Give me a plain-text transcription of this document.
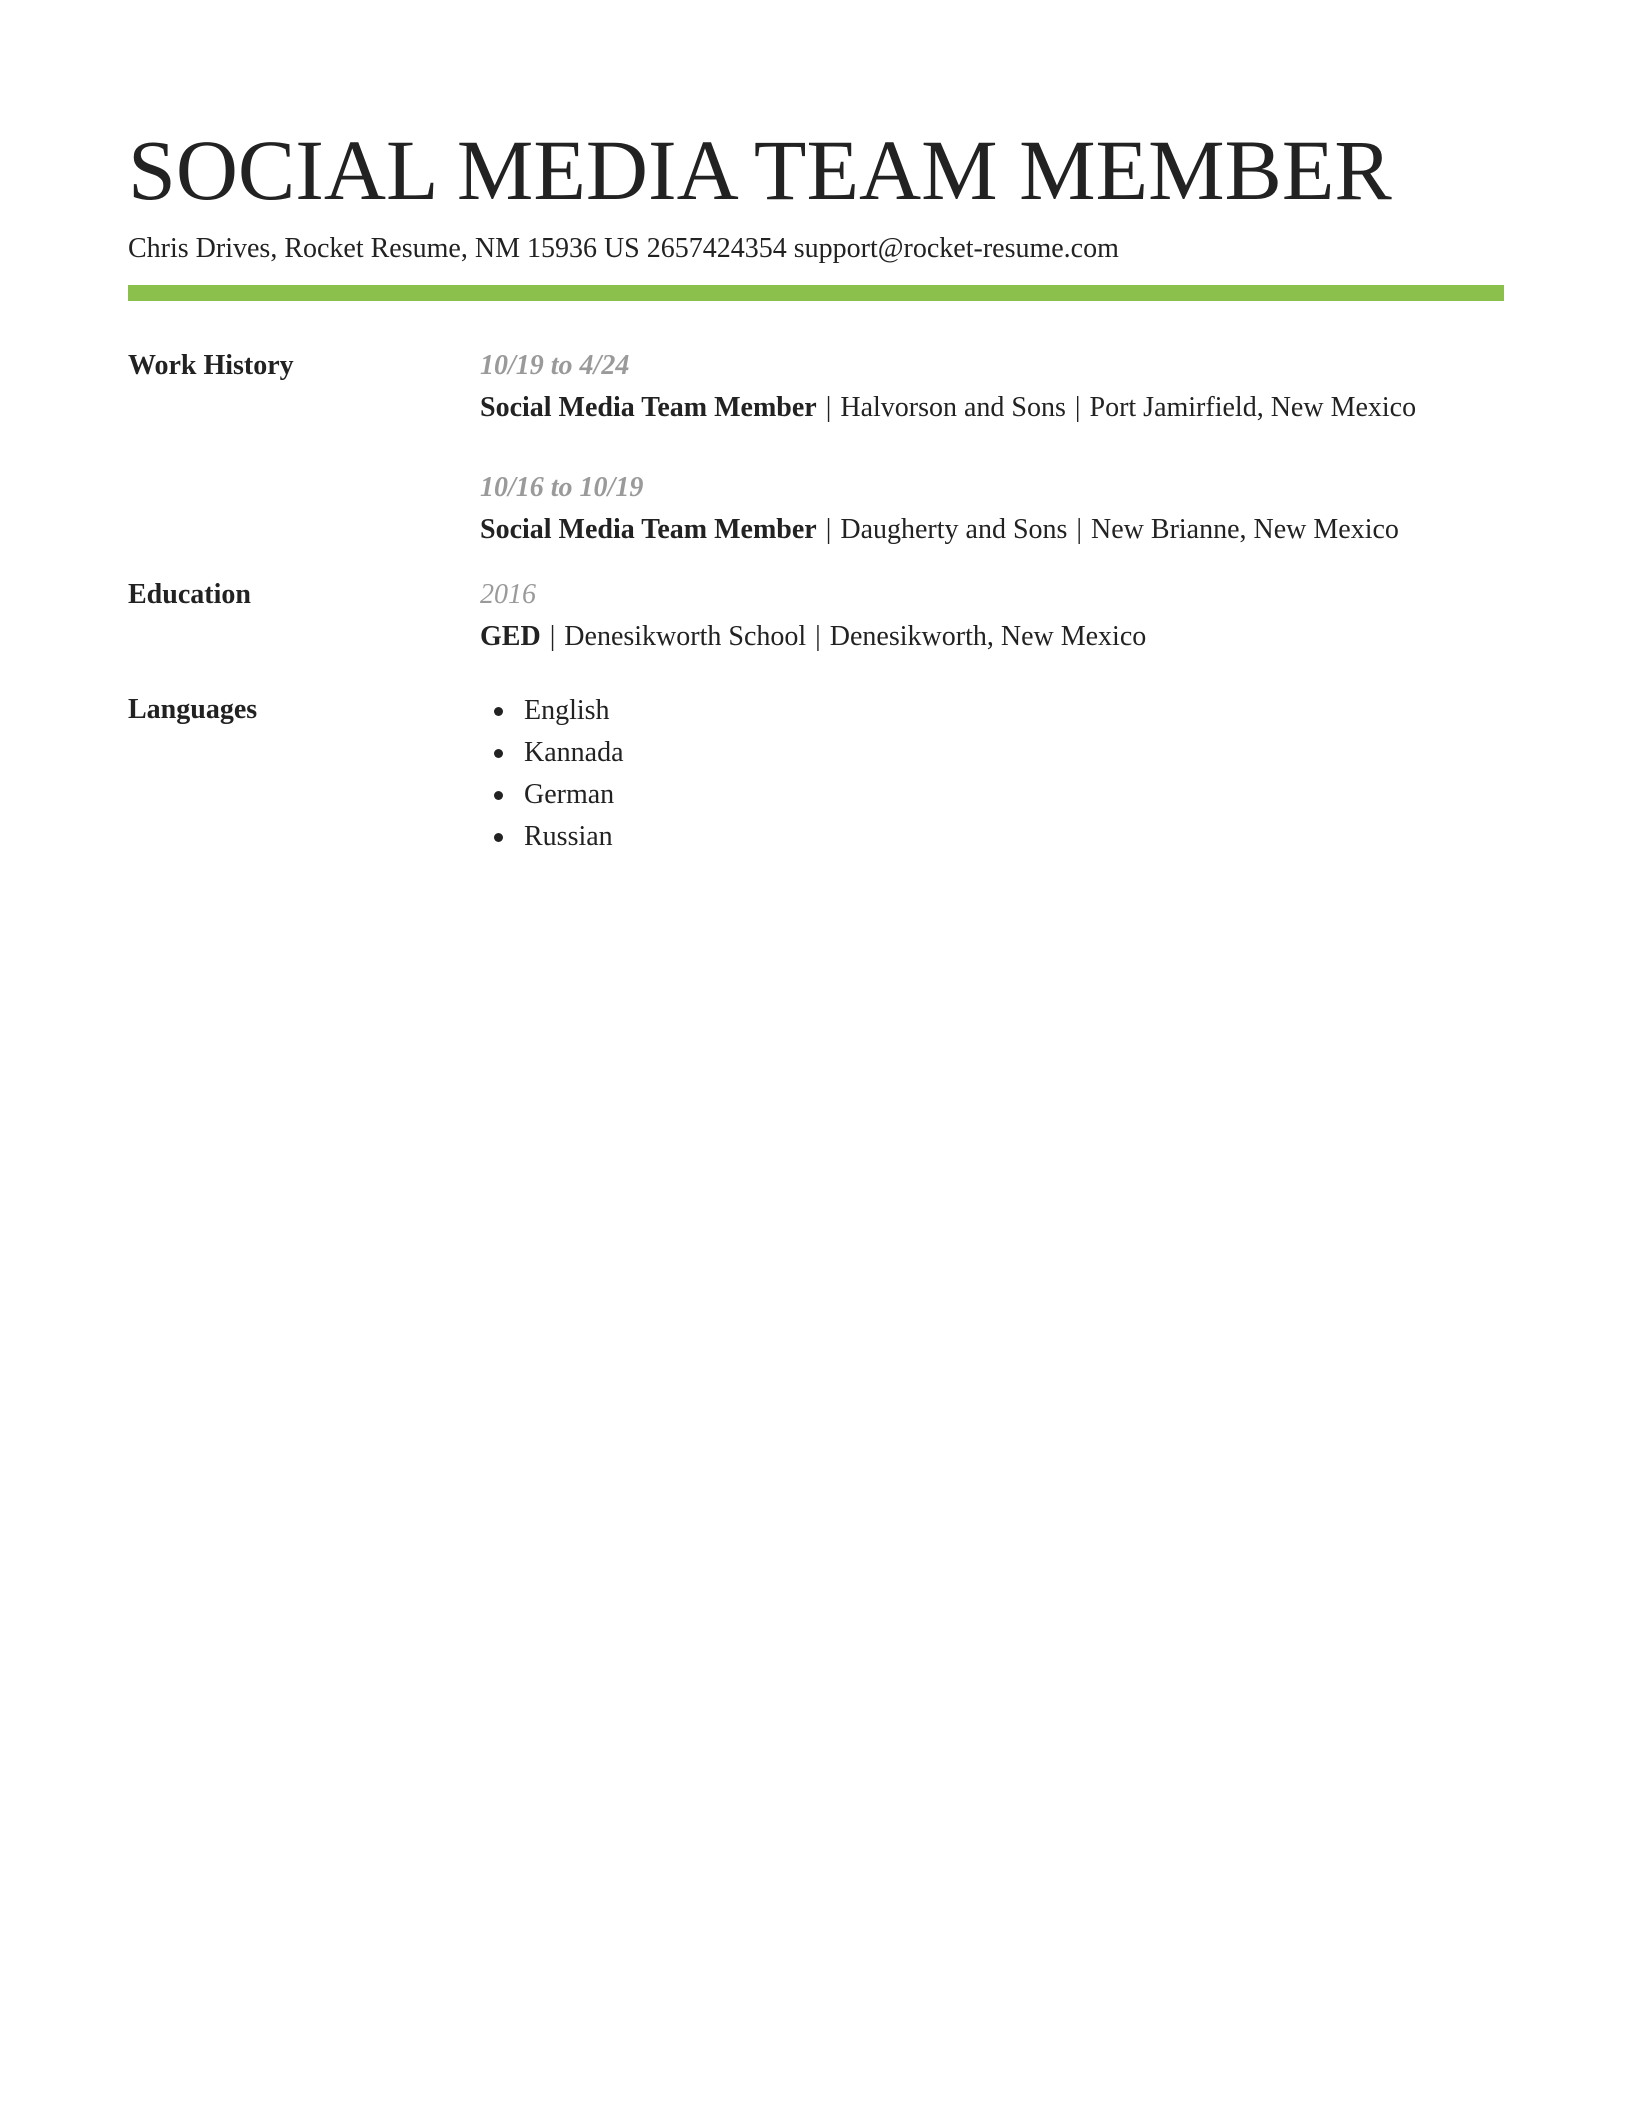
SOCIAL MEDIA TEAM MEMBER
Chris Drives, Rocket Resume, NM 15936 US 2657424354 support@rocket-resume.com
Work History	10/19 to 4/24
Social Media Team Member | Halvorson and Sons | Port Jamirfield, New Mexico
10/16 to 10/19
Social Media Team Member | Daugherty and Sons | New Brianne, New Mexico
Education	2016
GED | Denesikworth School | Denesikworth, New Mexico
Languages	English
Kannada
German
Russian
